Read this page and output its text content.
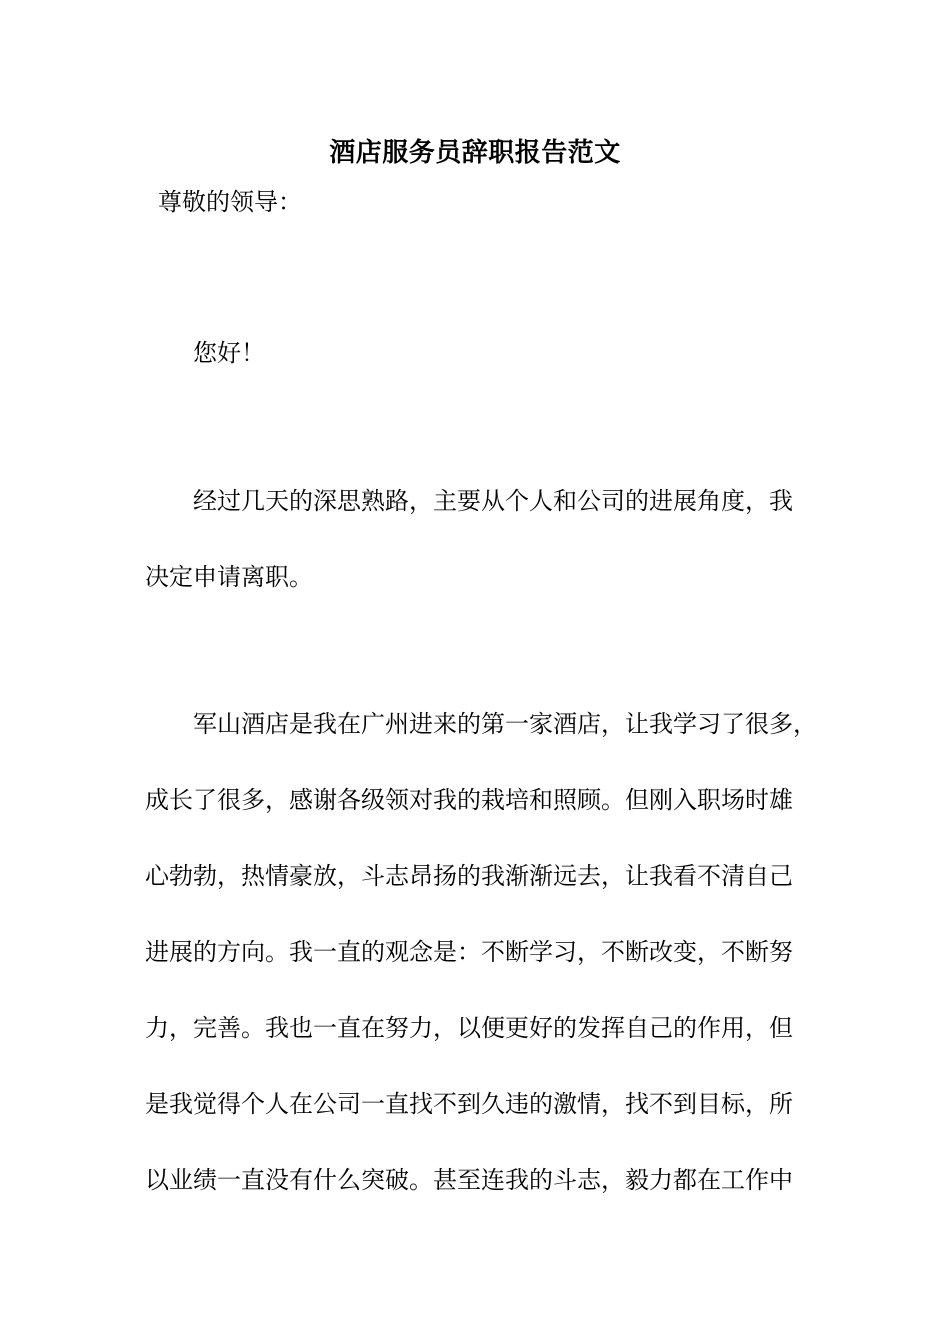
酒店服务员辞职报告范文
尊敬的领导：
您好！
经过几天的深思熟路，主要从个人和公司的进展角度，我
决定申请离职。
军山酒店是我在广州进来的第一家酒店，让我学习了很多，
成长了很多，感谢各级领对我的栽培和照顾。但刚入职场时雄
心勃勃，热情豪放，斗志昂扬的我渐渐远去，让我看不清自己
进展的方向。我一直的观念是：不断学习，不断改变，不断努
力，完善。我也一直在努力，以便更好的发挥自己的作用，但
是我觉得个人在公司一直找不到久违的激情，找不到目标，所
以业绩一直没有什么突破。甚至连我的斗志，毅力都在工作中
